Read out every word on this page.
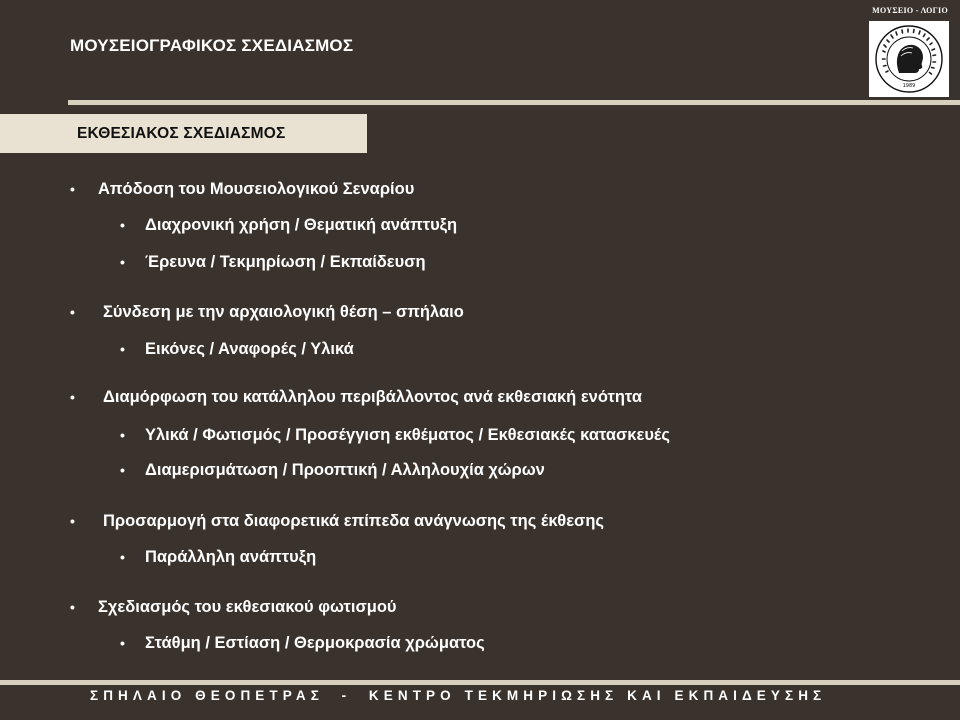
ΜΟΥΣΕΙΟ - ΛΟΓΙΟ
ΜΟΥΣΕΙΟΓΡΑΦΙΚΟΣ ΣΧΕΔΙΑΣΜΟΣ
1989
ΕΚΘΕΣΙΑΚΟΣ ΣΧΕΔΙΑΣΜΟΣ
• Απόδοση του Μουσειολογικού Σεναρίου
• Διαχρονική χρήση / Θεματική ανάπτυξη
• Έρευνα / Τεκμηρίωση / Εκπαίδευση
• Σύνδεση με την αρχαιολογική θέση – σπήλαιο
• Εικόνες / Αναφορές / Υλικά
• Διαμόρφωση του κατάλληλου περιβάλλοντος ανά εκθεσιακή ενότητα
• Υλικά / Φωτισμός / Προσέγγιση εκθέματος / Εκθεσιακές κατασκευές
• Διαμερισμάτωση / Προοπτική / Αλληλουχία χώρων
• Προσαρμογή στα διαφορετικά επίπεδα ανάγνωσης της έκθεσης
• Παράλληλη ανάπτυξη
• Σχεδιασμός του εκθεσιακού φωτισμού
• Στάθμη / Εστίαση / Θερμοκρασία χρώματος
ΣΠΗΛΑΙΟ ΘΕΟΠΕΤΡΑΣ  -  ΚΕΝΤΡΟ ΤΕΚΜΗΡΙΩΣΗΣ ΚΑΙ ΕΚΠΑΙΔΕΥΣΗΣ
